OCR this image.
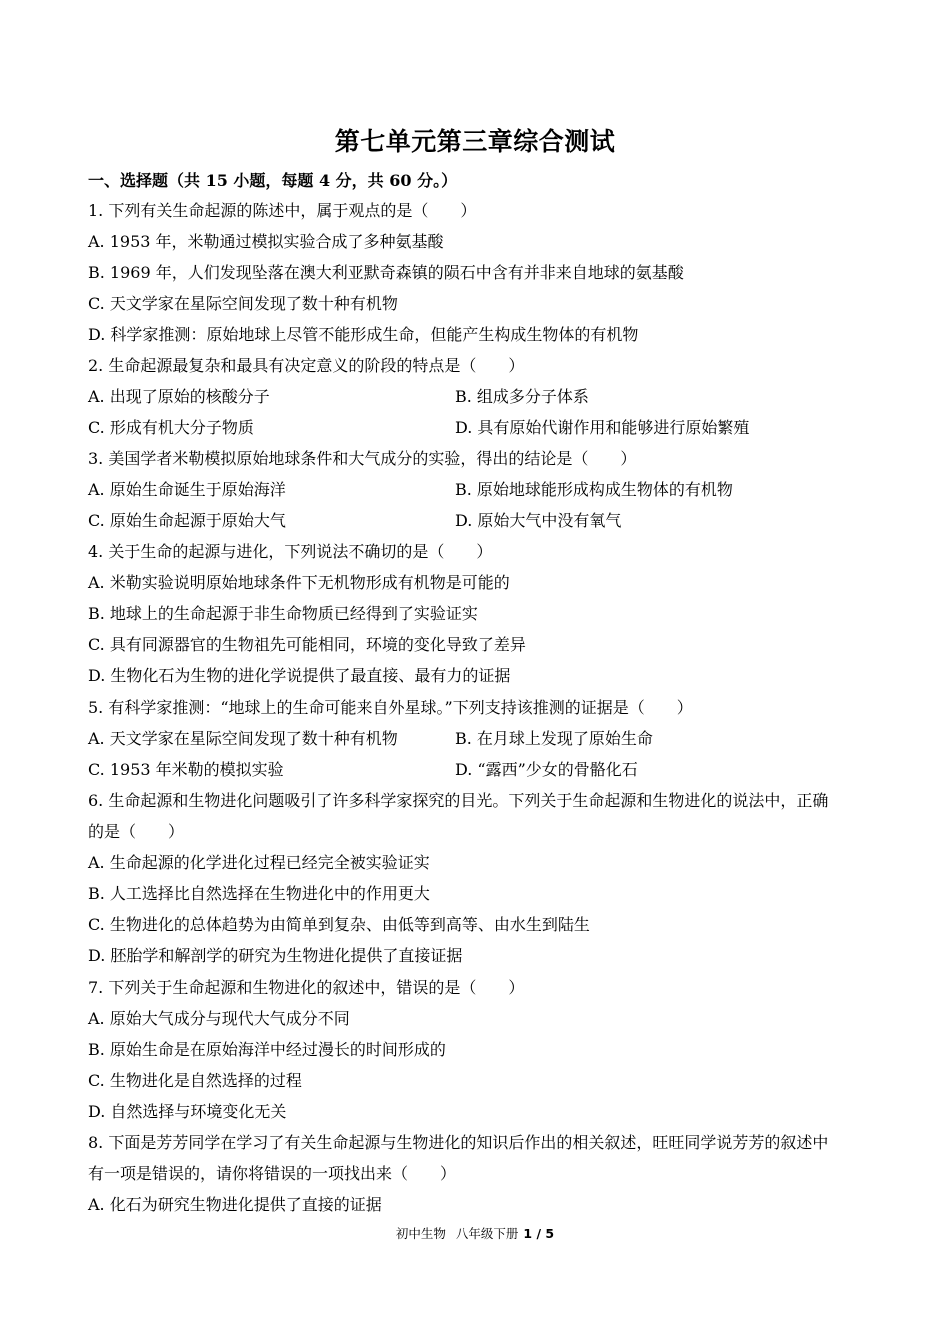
第七单元第三章综合测试
一、选择题（共 15 小题，每题 4 分，共 60 分。）
1. 下列有关生命起源的陈述中，属于观点的是（　　）
A. 1953 年，米勒通过模拟实验合成了多种氨基酸
B. 1969 年，人们发现坠落在澳大利亚默奇森镇的陨石中含有并非来自地球的氨基酸
C. 天文学家在星际空间发现了数十种有机物
D. 科学家推测：原始地球上尽管不能形成生命，但能产生构成生物体的有机物
2. 生命起源最复杂和最具有决定意义的阶段的特点是（　　）
A. 出现了原始的核酸分子	B. 组成多分子体系
C. 形成有机大分子物质	D. 具有原始代谢作用和能够进行原始繁殖
3. 美国学者米勒模拟原始地球条件和大气成分的实验，得出的结论是（　　）
A. 原始生命诞生于原始海洋	B. 原始地球能形成构成生物体的有机物
C. 原始生命起源于原始大气	D. 原始大气中没有氧气
4. 关于生命的起源与进化，下列说法不确切的是（　　）
A. 米勒实验说明原始地球条件下无机物形成有机物是可能的
B. 地球上的生命起源于非生命物质已经得到了实验证实
C. 具有同源器官的生物祖先可能相同，环境的变化导致了差异
D. 生物化石为生物的进化学说提供了最直接、最有力的证据
5. 有科学家推测：“地球上的生命可能来自外星球。”下列支持该推测的证据是（　　）
A. 天文学家在星际空间发现了数十种有机物	B. 在月球上发现了原始生命
C. 1953 年米勒的模拟实验	D. “露西”少女的骨骼化石
6. 生命起源和生物进化问题吸引了许多科学家探究的目光。下列关于生命起源和生物进化的说法中，正确
的是（　　）
A. 生命起源的化学进化过程已经完全被实验证实
B. 人工选择比自然选择在生物进化中的作用更大
C. 生物进化的总体趋势为由简单到复杂、由低等到高等、由水生到陆生
D. 胚胎学和解剖学的研究为生物进化提供了直接证据
7. 下列关于生命起源和生物进化的叙述中，错误的是（　　）
A. 原始大气成分与现代大气成分不同
B. 原始生命是在原始海洋中经过漫长的时间形成的
C. 生物进化是自然选择的过程
D. 自然选择与环境变化无关
8. 下面是芳芳同学在学习了有关生命起源与生物进化的知识后作出的相关叙述，旺旺同学说芳芳的叙述中
有一项是错误的，请你将错误的一项找出来（　　）
A. 化石为研究生物进化提供了直接的证据
初中生物 八年级下册 1 / 5
